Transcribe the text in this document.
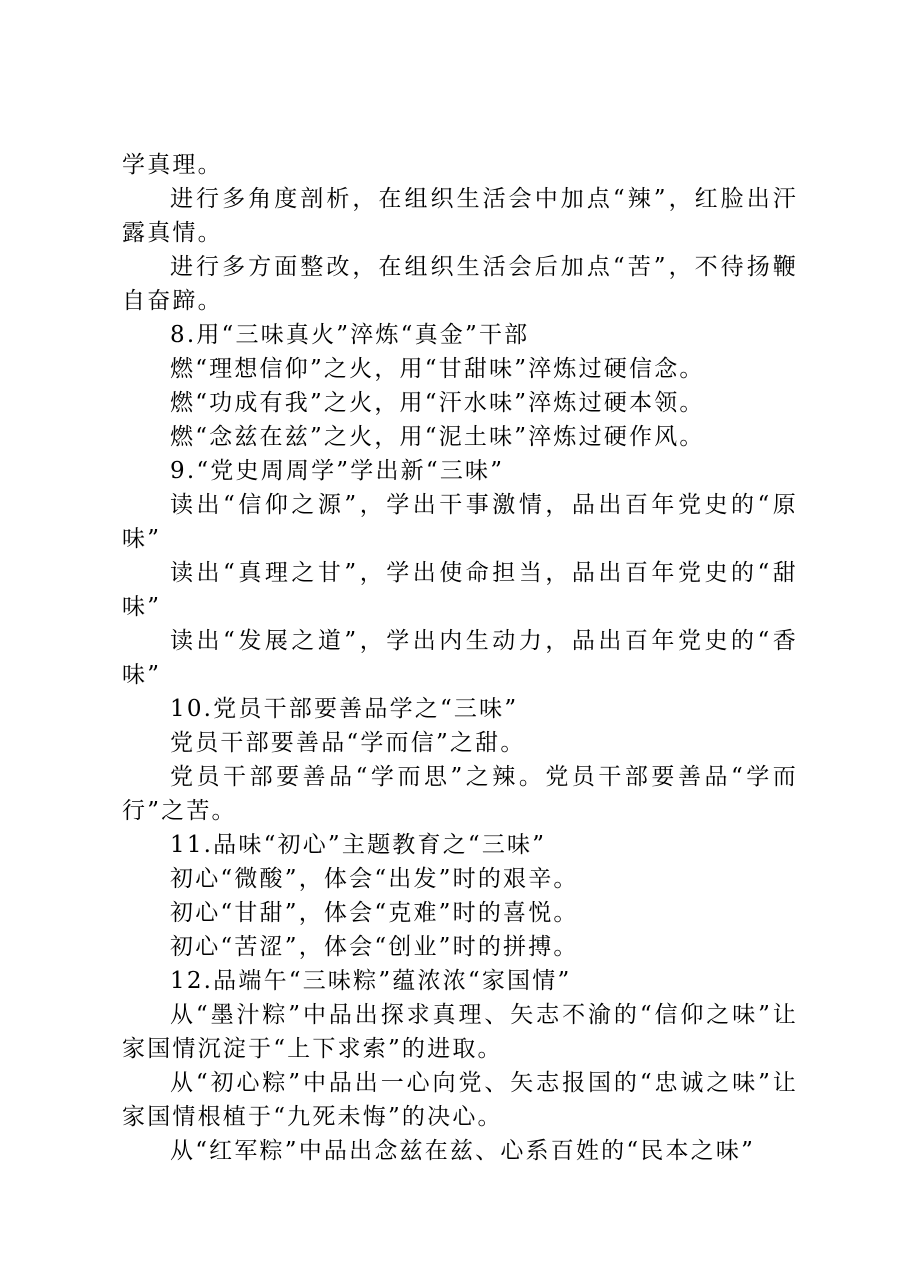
学真理。

进行多角度剖析，在组织生活会中加点“辣”，红脸出汗露真情。

进行多方面整改，在组织生活会后加点“苦”，不待扬鞭自奋蹄。

8.用“三味真火”淬炼“真金”干部

燃“理想信仰”之火，用“甘甜味”淬炼过硬信念。

燃“功成有我”之火，用“汗水味”淬炼过硬本领。

燃“念兹在兹”之火，用“泥土味”淬炼过硬作风。

9.“党史周周学”学出新“三味”

读出“信仰之源”，学出干事激情，品出百年党史的“原味”

读出“真理之甘”，学出使命担当，品出百年党史的“甜味”

读出“发展之道”，学出内生动力，品出百年党史的“香味”

10.党员干部要善品学之“三味”

党员干部要善品“学而信”之甜。

党员干部要善品“学而思”之辣。党员干部要善品“学而行”之苦。

11.品味“初心”主题教育之“三味”

初心“微酸”，体会“出发”时的艰辛。

初心“甘甜”，体会“克难”时的喜悦。

初心“苦涩”，体会“创业”时的拼搏。

12.品端午“三味粽”蕴浓浓“家国情”

从“墨汁粽”中品出探求真理、矢志不渝的“信仰之味”让家国情沉淀于“上下求索”的进取。

从“初心粽”中品出一心向党、矢志报国的“忠诚之味”让家国情根植于“九死未悔”的决心。

从“红军粽”中品出念兹在兹、心系百姓的“民本之味”
